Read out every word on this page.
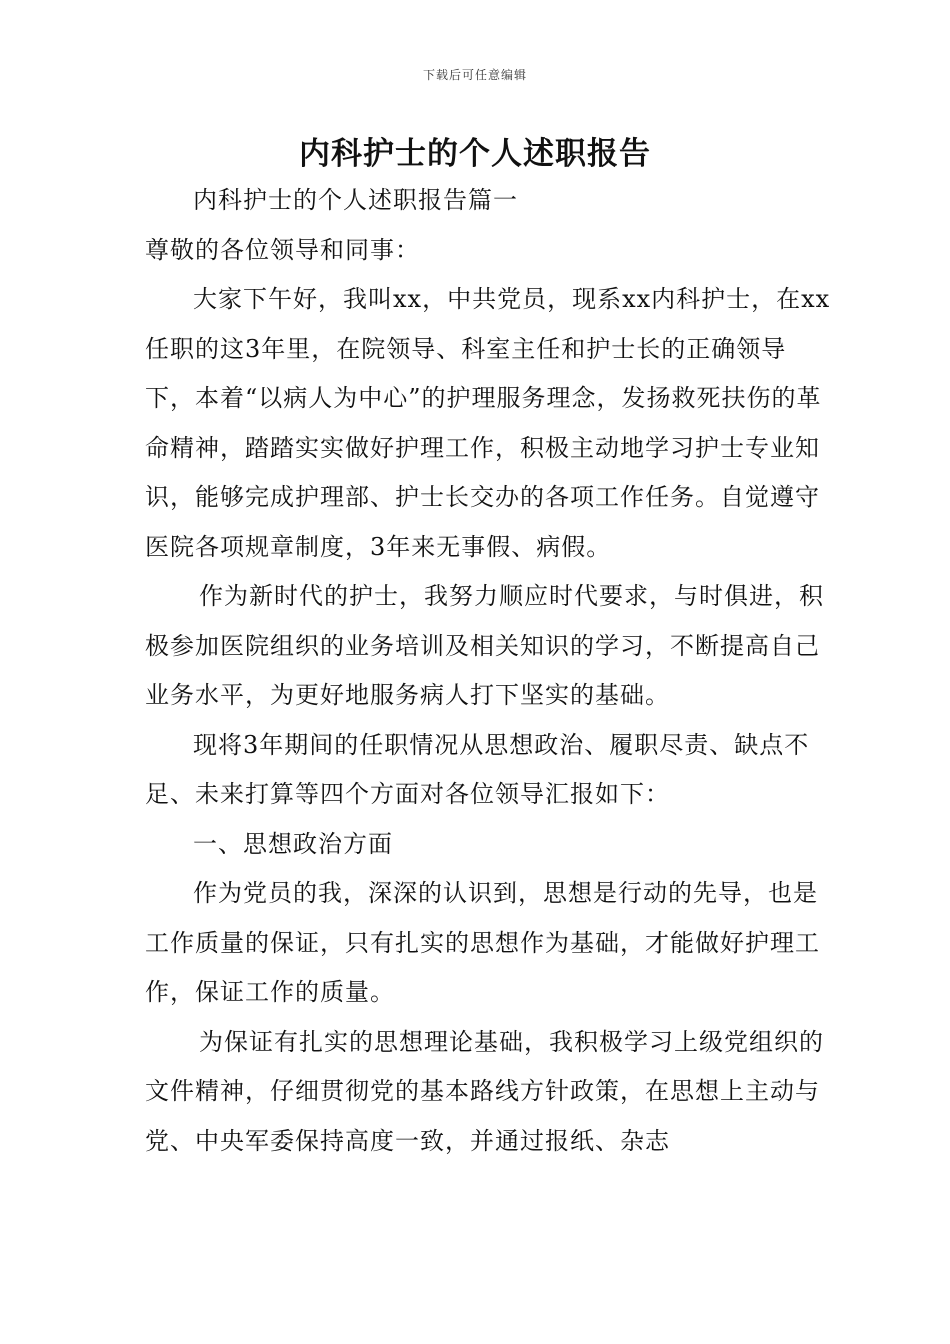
下载后可任意编辑
内科护士的个人述职报告

内科护士的个人述职报告篇一

尊敬的各位领导和同事：

大家下午好，我叫xx，中共党员，现系xx内科护士，在xx任职的这3年里，在院领导、科室主任和护士长的正确领导下，本着“以病人为中心”的护理服务理念，发扬救死扶伤的革命精神，踏踏实实做好护理工作，积极主动地学习护士专业知识，能够完成护理部、护士长交办的各项工作任务。自觉遵守医院各项规章制度，3年来无事假、病假。

作为新时代的护士，我努力顺应时代要求，与时俱进，积极参加医院组织的业务培训及相关知识的学习，不断提高自己业务水平，为更好地服务病人打下坚实的基础。

现将3年期间的任职情况从思想政治、履职尽责、缺点不足、未来打算等四个方面对各位领导汇报如下：

一、思想政治方面

作为党员的我，深深的认识到，思想是行动的先导，也是工作质量的保证，只有扎实的思想作为基础，才能做好护理工作，保证工作的质量。

为保证有扎实的思想理论基础，我积极学习上级党组织的文件精神，仔细贯彻党的基本路线方针政策，在思想上主动与党、中央军委保持高度一致，并通过报纸、杂志
